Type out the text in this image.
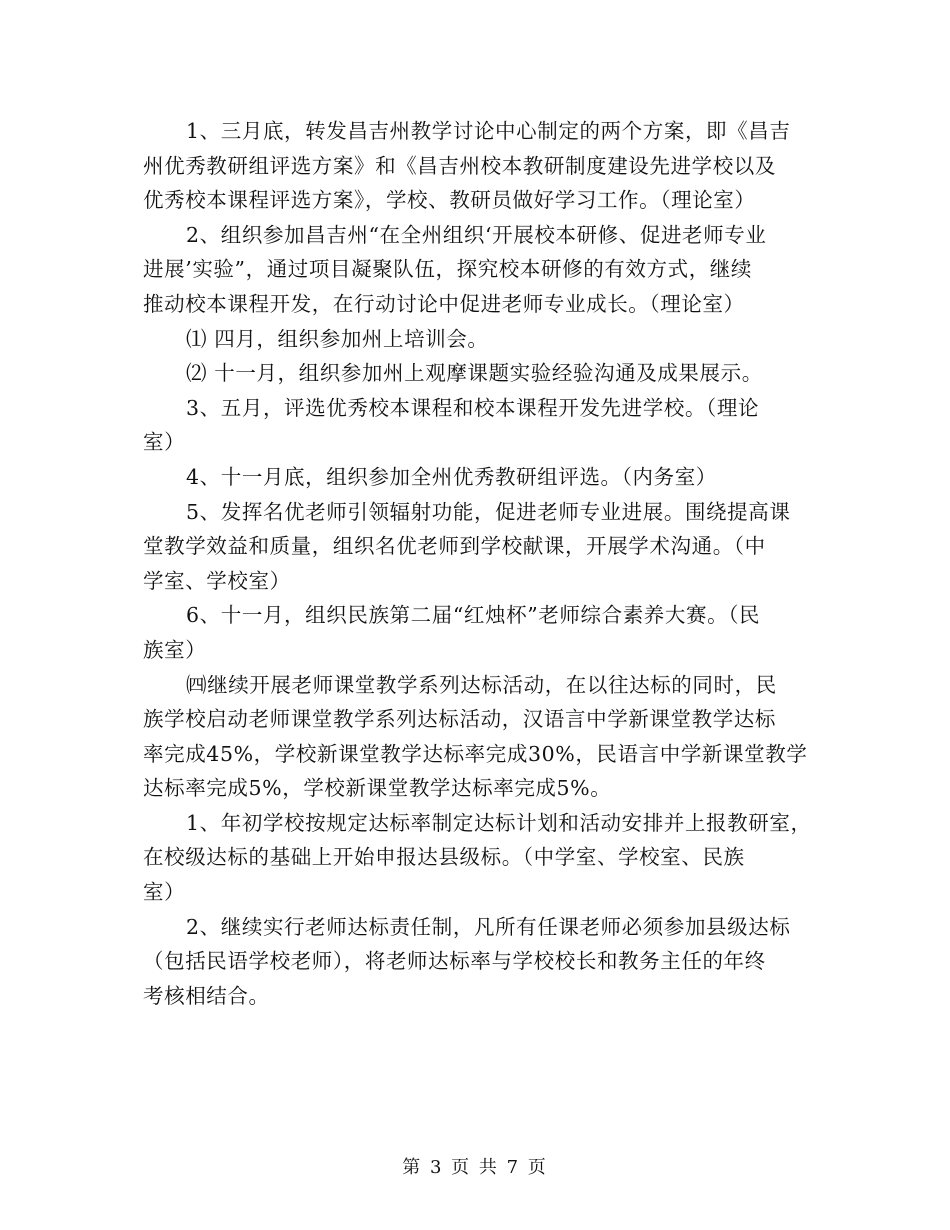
1、三月底，转发昌吉州教学讨论中心制定的两个方案，即《昌吉
州优秀教研组评选方案》和《昌吉州校本教研制度建设先进学校以及
优秀校本课程评选方案》，学校、教研员做好学习工作。（理论室）

2、组织参加昌吉州“在全州组织‘开展校本研修、促进老师专业
进展’实验”，通过项目凝聚队伍，探究校本研修的有效方式，继续
推动校本课程开发，在行动讨论中促进老师专业成长。（理论室）

⑴ 四月，组织参加州上培训会。

⑵ 十一月，组织参加州上观摩课题实验经验沟通及成果展示。

3、五月，评选优秀校本课程和校本课程开发先进学校。（理论
室）

4、十一月底，组织参加全州优秀教研组评选。（内务室）

5、发挥名优老师引领辐射功能，促进老师专业进展。围绕提高课
堂教学效益和质量，组织名优老师到学校献课，开展学术沟通。（中
学室、学校室）

6、十一月，组织民族第二届“红烛杯”老师综合素养大赛。（民
族室）

㈣继续开展老师课堂教学系列达标活动，在以往达标的同时，民
族学校启动老师课堂教学系列达标活动，汉语言中学新课堂教学达标
率完成45%，学校新课堂教学达标率完成30%，民语言中学新课堂教学
达标率完成5%，学校新课堂教学达标率完成5%。

1、年初学校按规定达标率制定达标计划和活动安排并上报教研室，
在校级达标的基础上开始申报达县级标。（中学室、学校室、民族
室）

2、继续实行老师达标责任制，凡所有任课老师必须参加县级达标
（包括民语学校老师），将老师达标率与学校校长和教务主任的年终
考核相结合。

第 3 页 共 7 页
